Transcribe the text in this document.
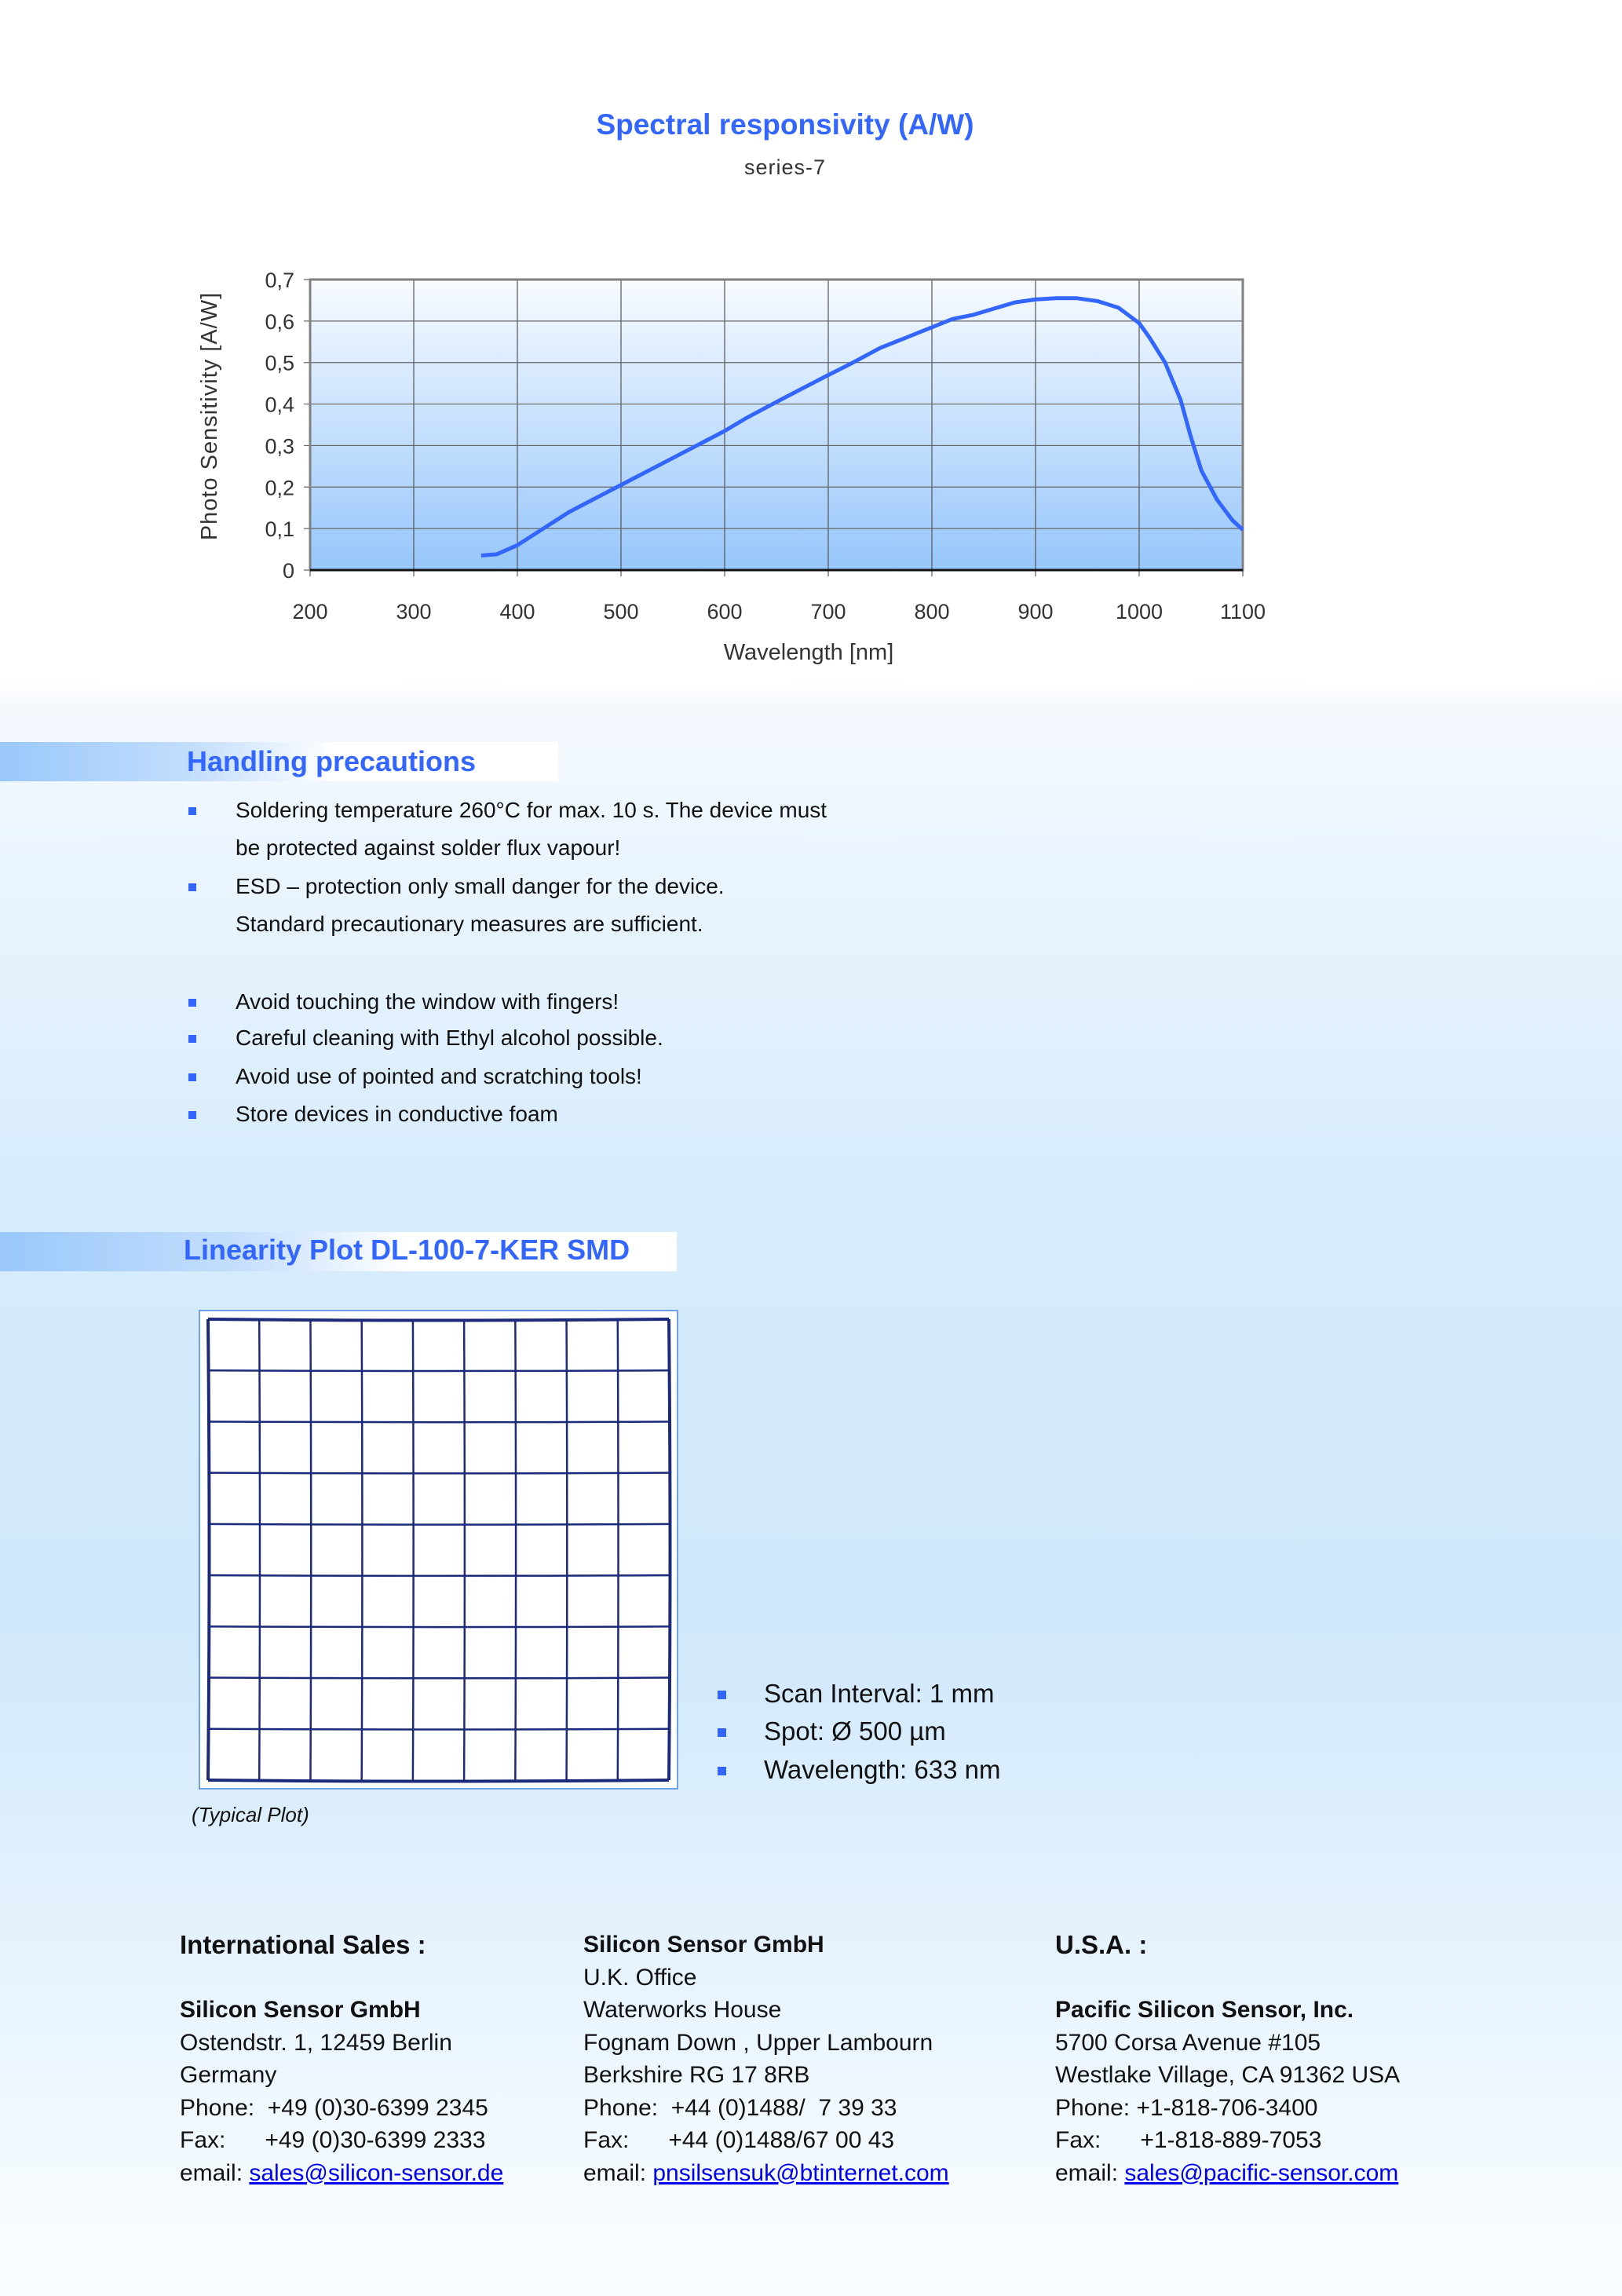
Spectral responsivity (A/W)
series-7
200	300	400	500	600	700	800	900	1000	1100
0
0,1
0,2
0,3
0,4
0,5
0,6
0,7
Wavelength [nm]
Photo Sensitivity [A/W]
Handling precautions
Soldering temperature 260°C for max. 10 s. The device must
be protected against solder flux vapour!
ESD – protection only small danger for the device.
Standard precautionary measures are sufficient.
Avoid touching the window with fingers!
Careful cleaning with Ethyl alcohol possible.
Avoid use of pointed and scratching tools!
Store devices in conductive foam
Linearity Plot DL-100-7-KER SMD
(Typical Plot)
Scan Interval: 1 mm
Spot: Ø 500 µm
Wavelength: 633 nm
International Sales :

Silicon Sensor GmbH
Ostendstr. 1, 12459 Berlin
Germany
Phone:  +49 (0)30-6399 2345
Fax:      +49 (0)30-6399 2333
email: sales@silicon-sensor.de
Silicon Sensor GmbH
U.K. Office
Waterworks House
Fognam Down , Upper Lambourn
Berkshire RG 17 8RB
Phone:  +44 (0)1488/  7 39 33
Fax:      +44 (0)1488/67 00 43
email: pnsilsensuk@btinternet.com
U.S.A. :

Pacific Silicon Sensor, Inc.
5700 Corsa Avenue #105
Westlake Village, CA 91362 USA
Phone: +1-818-706-3400
Fax:      +1-818-889-7053
email: sales@pacific-sensor.com
